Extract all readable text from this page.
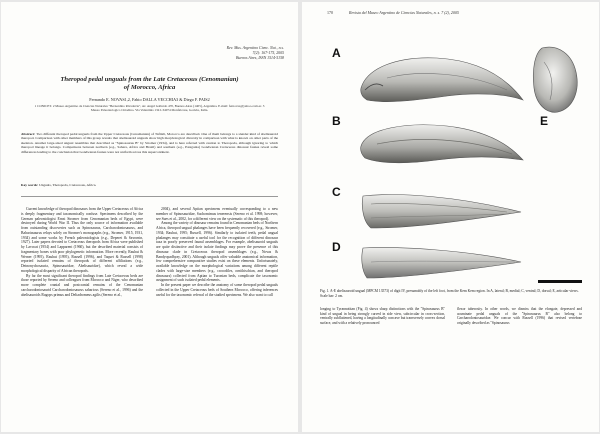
Rev. Mus. Argentino Cienc. Nat., n.s.
7(2): 167-175, 2005
Buenos Aires, ISSN 1514-5158
Theropod pedal unguals from the Late Cretaceous (Cenomanian)
of Morocco, Africa
Fernando E. NOVAS1,2, Fabio DALLA VECCHIA3 & Diego F. PAIS2
1 CONICET. 2 Museo Argentino de Ciencias Naturales "Bernardino Rivadavia", Av. Angel Gallardo 470, Buenos Aires (1405), Argentina. E-mail: fernovas@yahoo.com.ar. 3 Museo Paleontologico Cittadino. Via Valentinis 134 I-34074 Monfalcone, Gorizia, Italia.
Abstract: Two different theropod pedal unguals from the Upper Cretaceous (Cenomanian) of Tafilalt, Morocco are described. One of them belongs to a slender kind of abelisauroid theropod. Comparison with other members of this group reveals that abelisauroid unguals show high morphological diversity in comparison with what is known on other parts of the skeleton. Another large-sized ungual resembles that described as "Spinosaurus B" by Stromer (1934), and is here referred with caution to Theropoda, although ignoring to which theropod lineage it belongs. Comparisons between northern (e.g., Sahara, Africa and Brazil) and southern (e.g., Patagonia) Gondwanan Cretaceous dinosaur faunas reveal some differences leading to the conclusion that Gondwanan faunas were not uniform across this supercontinent.
Key words: Unguals, Theropoda, Cretaceous, Africa.

Current knowledge of theropod dinosaurs from the Upper Cretaceous of Africa is deeply fragmentary and taxonomically confuse. Specimens described by the German paleontologist Ernst Stromer from Cenomanian beds of Egypt, were destroyed during World War II. Thus the only source of information available from outstanding discoveries such as Spinosaurus, Carcharodontosaurus, and Bahariasaurus relays solely on Stromer's monographs (e.g., Stromer, 1915, 1931, 1934) and some works by French paleontologists (e.g., Deperet & Savornin, 1927). Later papers devoted to Cretaceous theropods from Africa were published by Lavocat (1954) and Lapparent (1960), but the described material consists of fragmentary bones with poor phylogenetic information. More recently, Rauhut & Werner (1995), Rauhut (1995), Russell (1996), and Taquet & Russell (1998) reported isolated remains of theropods of different affiliations (e.g., Deinonychosauria, Spinosauridae, Abelisauridae), which reveal a wide morphological disparity of African theropods.

By far the most significant theropod findings from Late Cretaceous beds are those reported by Sereno and colleagues from Morocco and Niger, who described more complete cranial and postcranial remains of the Cenomanian carcharodontosaurid Carcharodontosaurus saharicus (Sereno et al., 1996) and the abelisauroids Rugops primus and Deltadromeus agilis (Sereno et al.,

2004), and several Aptian specimens eventually corresponding to a new member of Spinosauridae, Suchomimus tenerensis (Sereno et al. 1998; however, see Sues et al., 2002, for a different view on the systematic of this theropod).

Among the variety of dinosaur remains found in Cenomanian beds of Northern Africa, theropod ungual phalanges have been frequently recovered (e.g., Stromer, 1934; Rauhut, 1995; Russell, 1996). Similarly to isolated teeth, pedal ungual phalanges may constitute a useful tool for the recognition of different dinosaur taxa in poorly preserved faunal assemblages. For example, abelisauroid unguals are quite distinctive and their isolate findings may prove the presence of this dinosaur clade in Cretaceous theropod assemblages (e.g., Novas & Bandyopadhyay, 2001). Although unguals offer valuable anatomical information, few comprehensive comparative studies exist on these elements. Unfortunately, available knowledge on the morphological variations among different reptile clades with large-size members (e.g., crocodiles, ornithischian, and theropod dinosaurs) collected from Aptian to Turonian beds, complicate the taxonomic assignment of such isolated pedal elements.

In the present paper we describe the anatomy of some theropod pedal unguals collected in the Upper Cretaceous beds of Southern Morocco, offering inferences useful for the taxonomic referral of the studied specimens. We also want to call

170	Revista del Museo Argentino de Ciencias Naturales, n. s. 7 (2), 2005
A
B
C
D
E
Fig. 1. A-E abelisauroid ungual (MPCM 13573) of digit IV, presumably of the left foot, from the Kem Kem region. In A, lateral; B, medial; C, ventral; D, dorsal; E, articular views. Scale bar: 2 cm.
longing to Tyrannotitan (Fig. 4) shows sharp distinctions with the "Spinosaurus B" kind of ungual in being strongly curved in side view, subcircular in cross-section, ventrally subflattened, having a longitudinally concave but transversely convex dorsal surface, and with a relatively pronounced
flexor tuberosity. In other words, we dismiss that the elongate, depressed and acuminate pedal unguals of the "Spinosaurus B" also belong to Carcharodontosauridae. We concur with Russell (1996) that revised vertebrae originally described as "Spinosaurus
